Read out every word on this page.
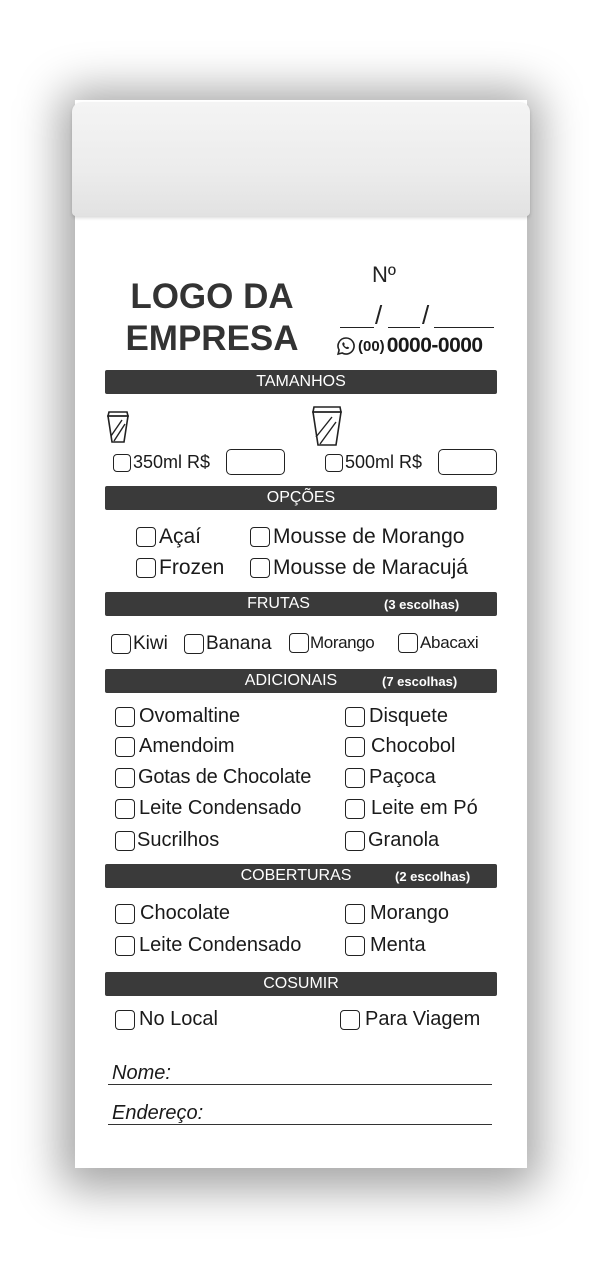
LOGO DA
EMPRESA
Nº
/ /
(00) 0000-0000
TAMANHOS
350ml R$	500ml R$
OPÇÕES
Açaí
Frozen
Mousse de Morango
Mousse de Maracujá
FRUTAS	(3 escolhas)
Kiwi Banana Morango	Abacaxi
ADICIONAIS	(7 escolhas)
Ovomaltine
Amendoim
Gotas de Chocolate
Leite Condensado
Sucrilhos
Disquete
Chocobol
Paçoca
Leite em Pó
Granola
COBERTURAS	(2 escolhas)
Chocolate
Leite Condensado
Morango
Menta
COSUMIR
No Local	Para Viagem
Nome:
Endereço:
